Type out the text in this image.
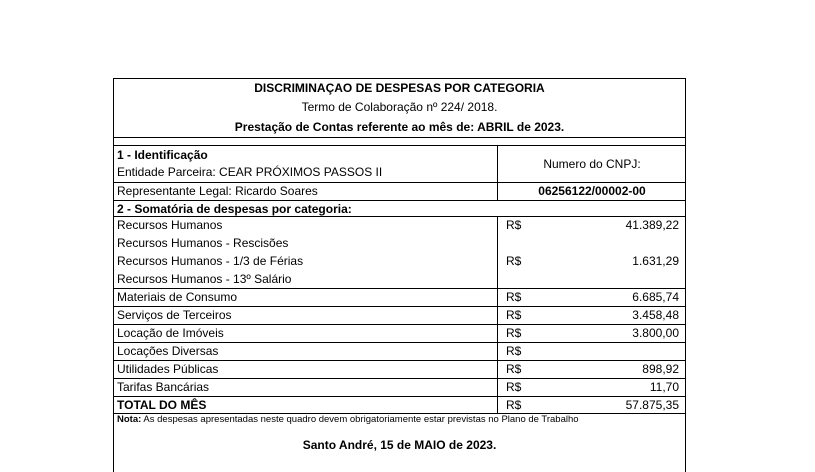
DISCRIMINAÇAO DE DESPESAS POR CATEGORIA
Termo de Colaboração nº 224/ 2018.
Prestação de Contas referente ao mês de: ABRIL de 2023.
1 - Identificação
Entidade Parceira: CEAR PRÓXIMOS PASSOS II
Numero do CNPJ:
Representante Legal: Ricardo Soares	06256122/00002-00
2 - Somatória de despesas por categoria:
Recursos Humanos	R$	41.389,22
Recursos Humanos - Rescisões
Recursos Humanos - 1/3 de Férias	R$	1.631,29
Recursos Humanos - 13º Salário
Materiais de Consumo	R$	6.685,74
Serviços de Terceiros	R$	3.458,48
Locação de Imóveis	R$	3.800,00
Locações Diversas	R$
Utilidades Públicas	R$	898,92
Tarifas Bancárias	R$	11,70
TOTAL DO MÊS	R$	57.875,35
Nota: As despesas apresentadas neste quadro devem obrigatoriamente estar previstas no Plano de Trabalho
Santo André, 15 de MAIO de 2023.
